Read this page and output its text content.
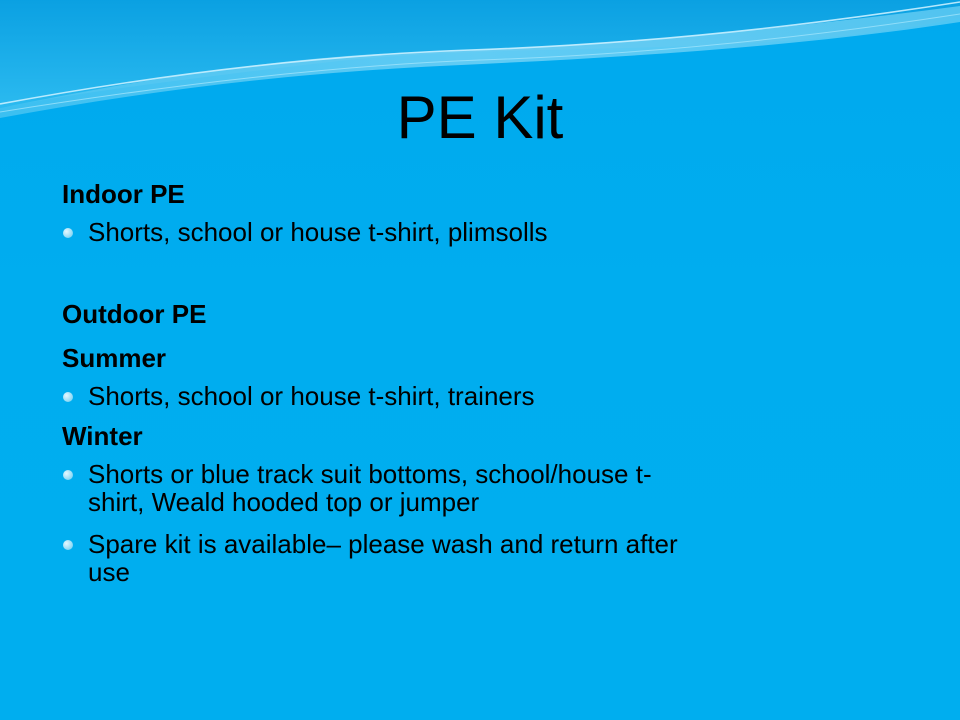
PE Kit

Indoor PE

Shorts, school or house t-shirt, plimsolls

Outdoor PE

Summer

Shorts, school or house t-shirt, trainers

Winter

Shorts or blue track suit bottoms, school/house t-
shirt, Weald hooded top or jumper
Spare kit is available– please wash and return after
use
